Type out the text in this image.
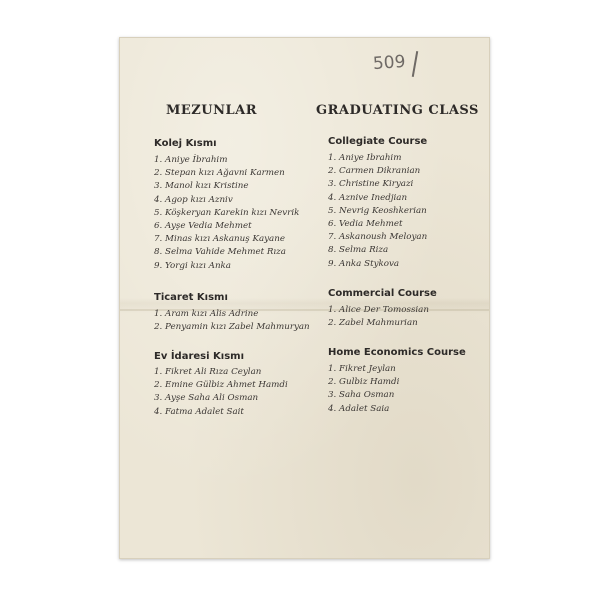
509
MEZUNLAR	GRADUATING CLASS
Kolej Kısmı
1. Aniye İbrahim
2. Stepan kızı Ağavni Karmen
3. Manol kızı Kristine
4. Agop kızı Azniv
5. Köşkeryan Karekin kızı Nevrik
6. Ayşe Vedia Mehmet
7. Minas kızı Askanuş Kayane
8. Selma Vahide Mehmet Rıza
9. Yorgi kızı Anka
Ticaret Kısmı
1. Aram kızı Alis Adrine
2. Penyamin kızı Zabel Mahmuryan
Ev İdaresi Kısmı
1. Fikret Ali Rıza Ceylan
2. Emine Gülbiz Ahmet Hamdi
3. Ayşe Saha Ali Osman
4. Fatma Adalet Sait
Collegiate Course
1. Aniye Ibrahim
2. Carmen Dikranian
3. Christine Kiryazi
4. Aznive Inedjian
5. Nevrig Keoshkerian
6. Vedia Mehmet
7. Askanoush Meloyan
8. Selma Riza
9. Anka Stykova
Commercial Course
1. Alice Der Tomossian
2. Zabel Mahmurian
Home Economics Course
1. Fikret Jeylan
2. Gulbiz Hamdi
3. Saha Osman
4. Adalet Saia
